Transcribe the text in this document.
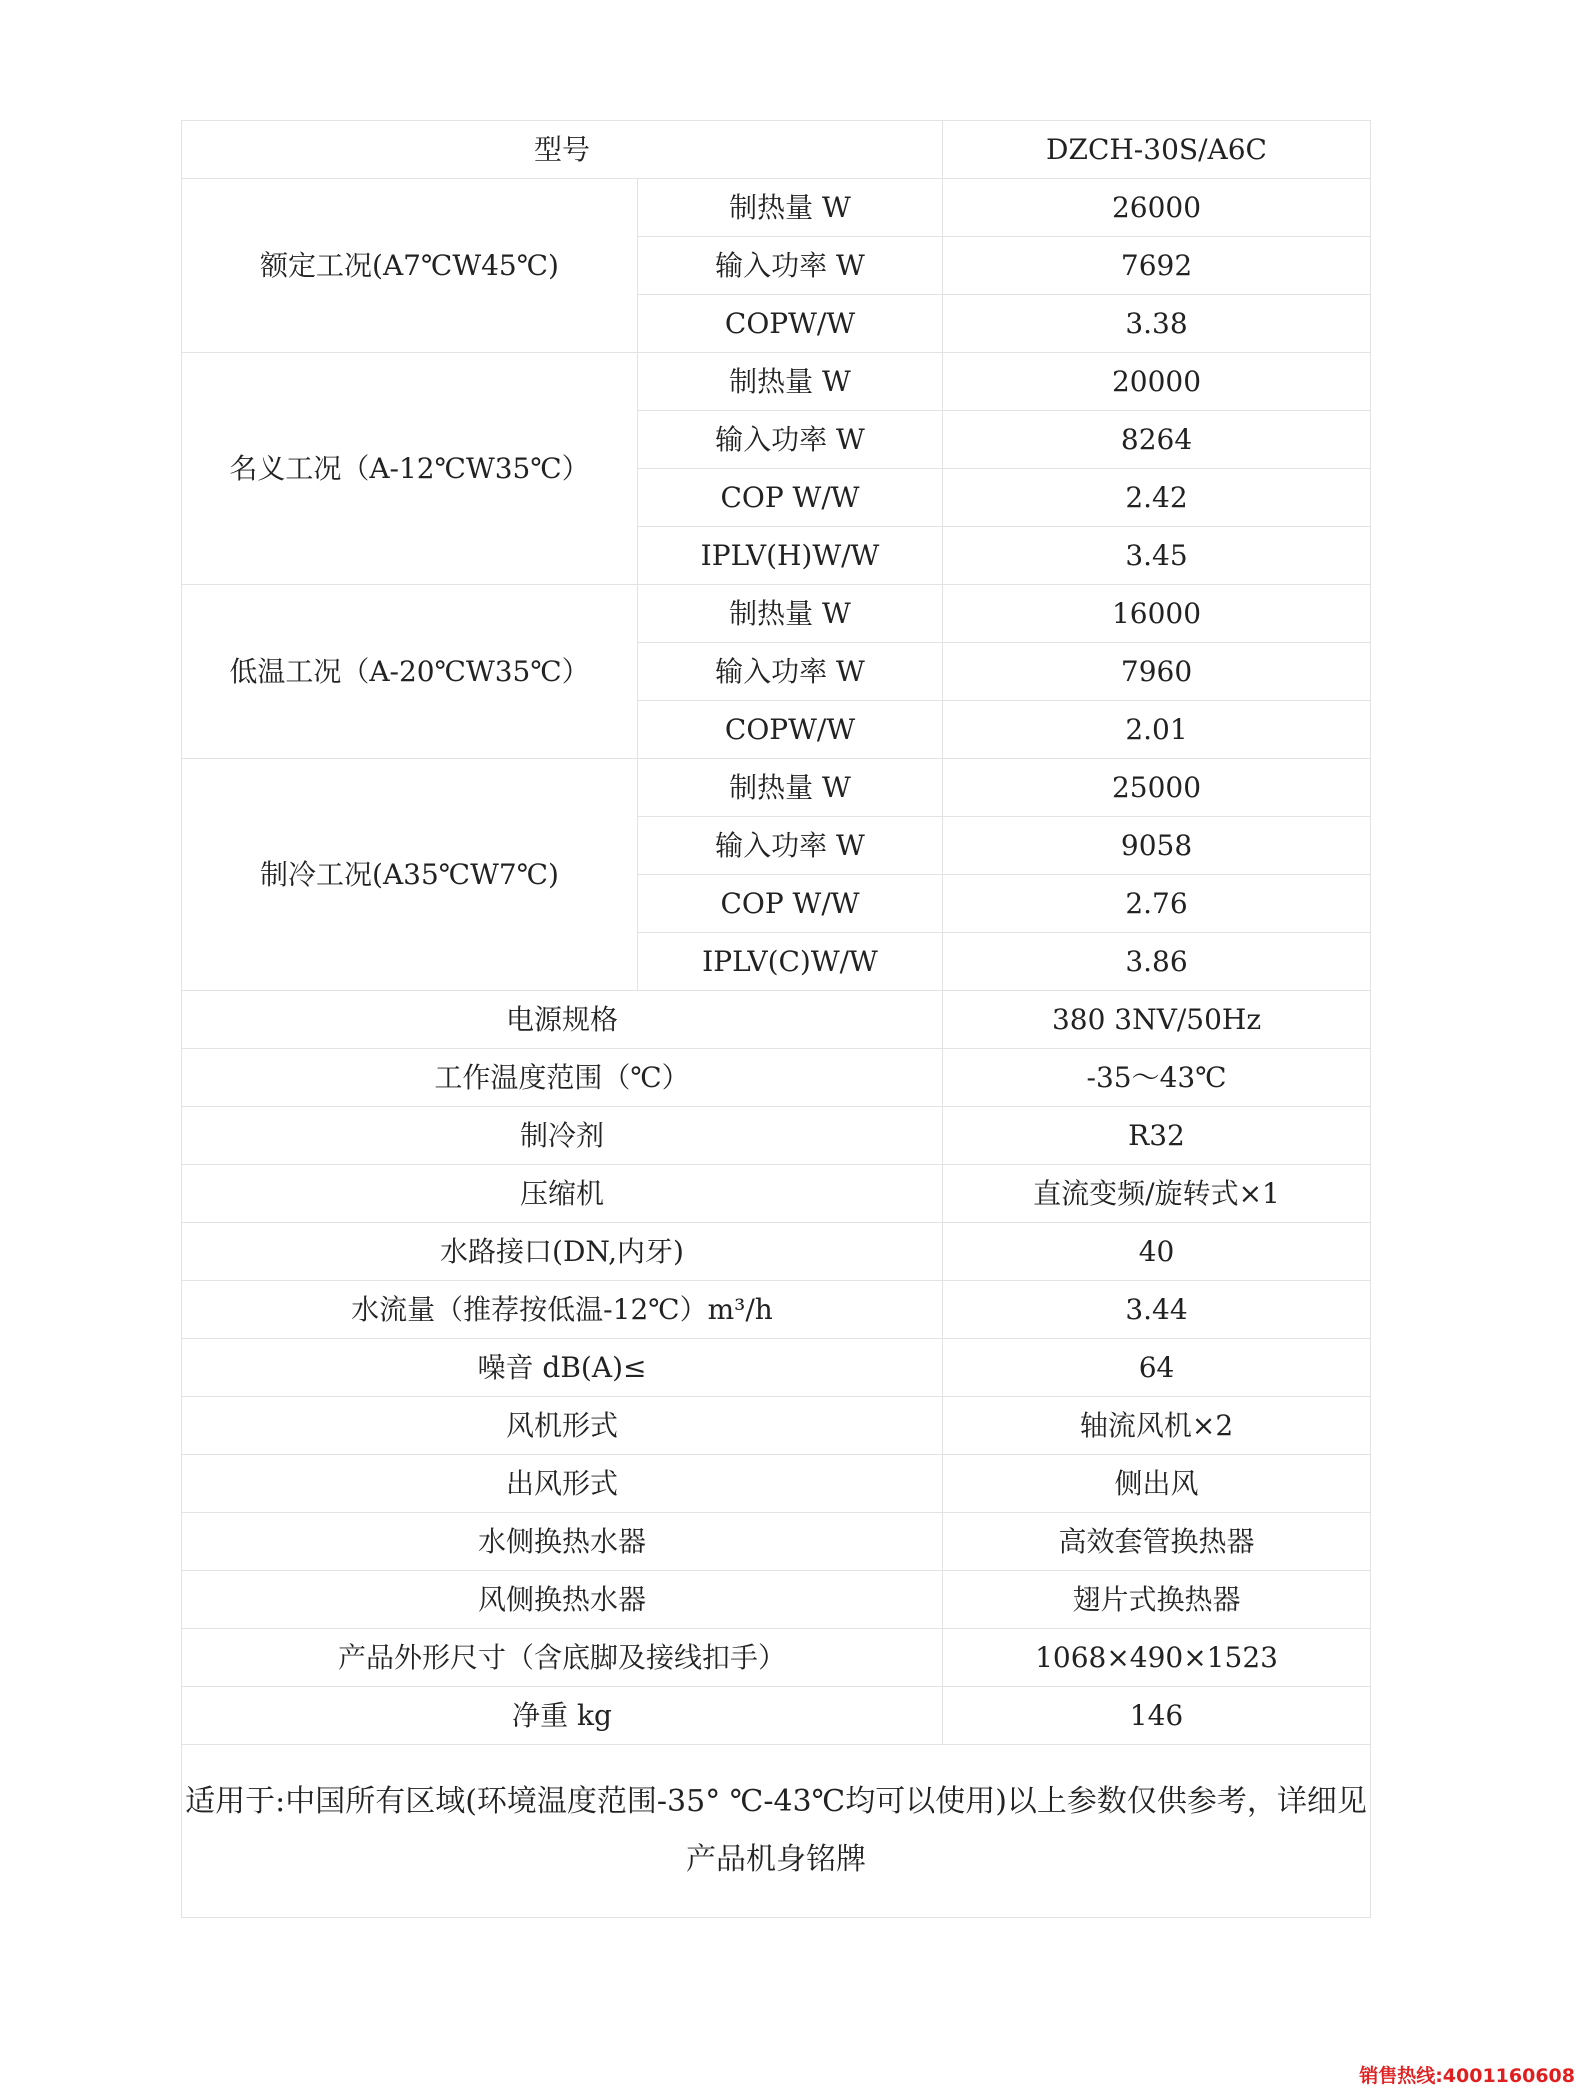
型号		DZCH-30S/A6C
额定工况(A7℃W45℃)	制热量 W	26000
	输入功率 W	7692
	COPW/W	3.38
名义工况（A-12℃W35℃）	制热量 W	20000
	输入功率 W	8264
	COP W/W	2.42
	IPLV(H)W/W	3.45
低温工况（A-20℃W35℃）	制热量 W	16000
	输入功率 W	7960
	COPW/W	2.01
制冷工况(A35℃W7℃)	制热量 W	25000
	输入功率 W	9058
	COP W/W	2.76
	IPLV(C)W/W	3.86
电源规格		380 3NV/50Hz
工作温度范围（℃）		-35～43℃
制冷剂		R32
压缩机		直流变频/旋转式×1
水路接口(DN,内牙)		40
水流量（推荐按低温-12℃）m³/h		3.44
噪音 dB(A)≤		64
风机形式		轴流风机×2
出风形式		侧出风
水侧换热水器		高效套管换热器
风侧换热水器		翅片式换热器
产品外形尺寸（含底脚及接线扣手）		1068×490×1523
净重 kg		146
适用于:中国所有区域(环境温度范围-35° ℃-43℃均可以使用)以上参数仅供参考，详细见产品机身铭牌		
销售热线:4001160608
